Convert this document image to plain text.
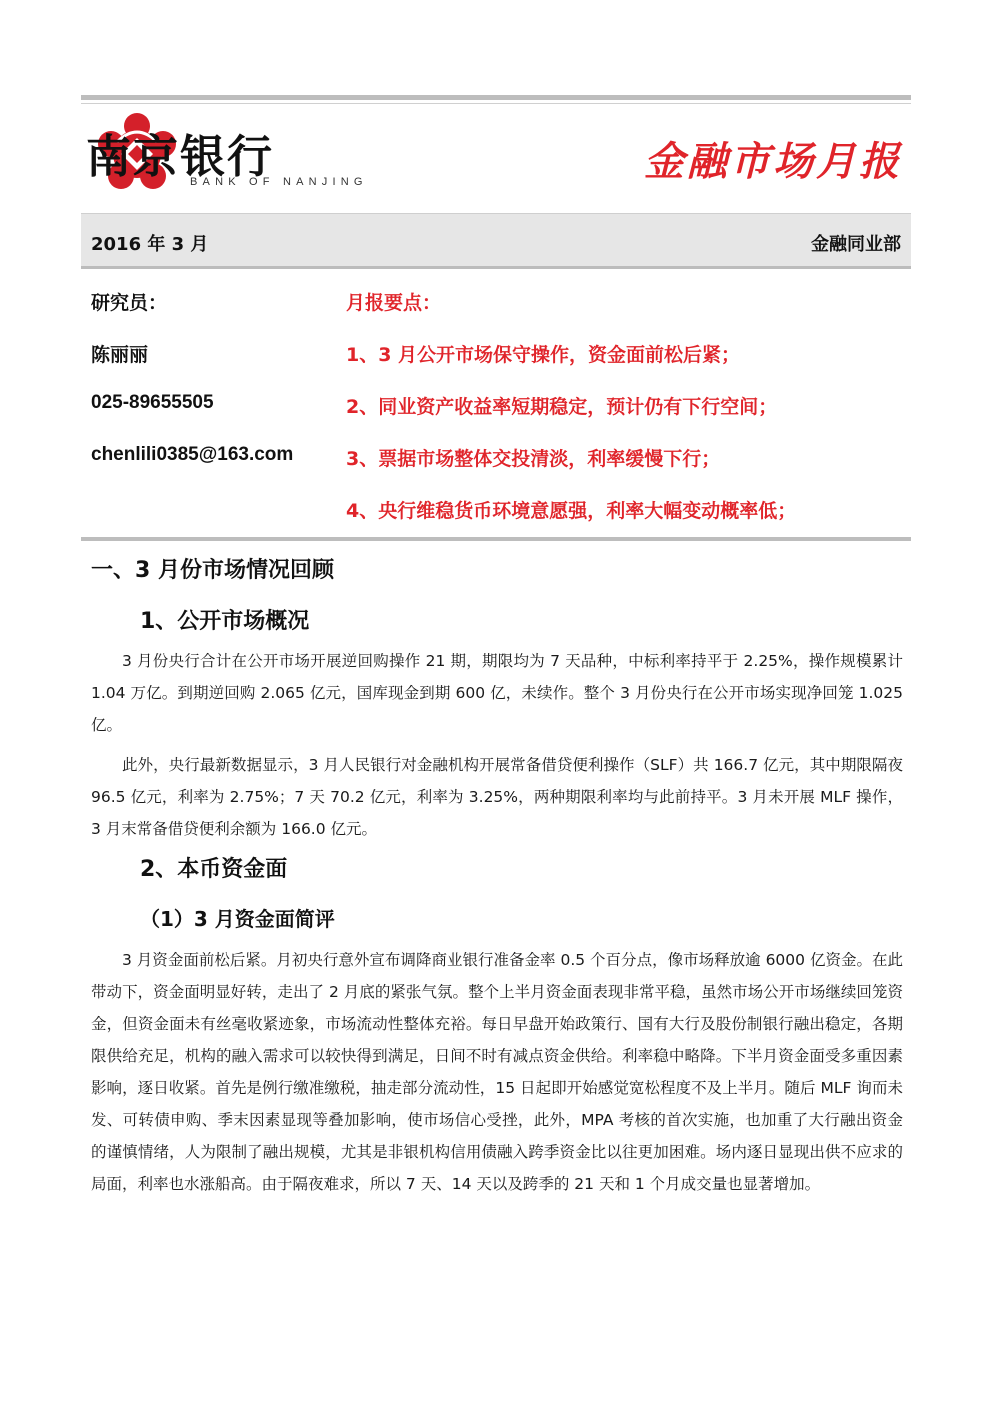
南京银行
BANK OF NANJING	金融市场月报
2016 年 3 月	金融同业部
研究员：
陈丽丽
025-89655505
chenlili0385@163.com
月报要点：
1、3 月公开市场保守操作，资金面前松后紧；
2、同业资产收益率短期稳定，预计仍有下行空间；
3、票据市场整体交投清淡，利率缓慢下行；
4、央行维稳货币环境意愿强，利率大幅变动概率低；
一、3 月份市场情况回顾
1、公开市场概况

3 月份央行合计在公开市场开展逆回购操作 21 期，期限均为 7 天品种，中标利率持平于 2.25%，操作规模累计 1.04 万亿。到期逆回购 2.065 亿元，国库现金到期 600 亿，未续作。整个 3 月份央行在公开市场实现净回笼 1.025 亿。

此外，央行最新数据显示，3 月人民银行对金融机构开展常备借贷便利操作（SLF）共 166.7 亿元，其中期限隔夜 96.5 亿元，利率为 2.75%；7 天 70.2 亿元，利率为 3.25%，两种期限利率均与此前持平。3 月未开展 MLF 操作，3 月末常备借贷便利余额为 166.0 亿元。

2、本币资金面
（1）3 月资金面简评

3 月资金面前松后紧。月初央行意外宣布调降商业银行准备金率 0.5 个百分点，像市场释放逾 6000 亿资金。在此带动下，资金面明显好转，走出了 2 月底的紧张气氛。整个上半月资金面表现非常平稳，虽然市场公开市场继续回笼资金，但资金面未有丝毫收紧迹象，市场流动性整体充裕。每日早盘开始政策行、国有大行及股份制银行融出稳定，各期限供给充足，机构的融入需求可以较快得到满足，日间不时有减点资金供给。利率稳中略降。下半月资金面受多重因素影响，逐日收紧。首先是例行缴准缴税，抽走部分流动性，15 日起即开始感觉宽松程度不及上半月。随后 MLF 询而未发、可转债申购、季末因素显现等叠加影响，使市场信心受挫，此外，MPA 考核的首次实施，也加重了大行融出资金的谨慎情绪，人为限制了融出规模，尤其是非银机构信用债融入跨季资金比以往更加困难。场内逐日显现出供不应求的局面，利率也水涨船高。由于隔夜难求，所以 7 天、14 天以及跨季的 21 天和 1 个月成交量也显著增加。
